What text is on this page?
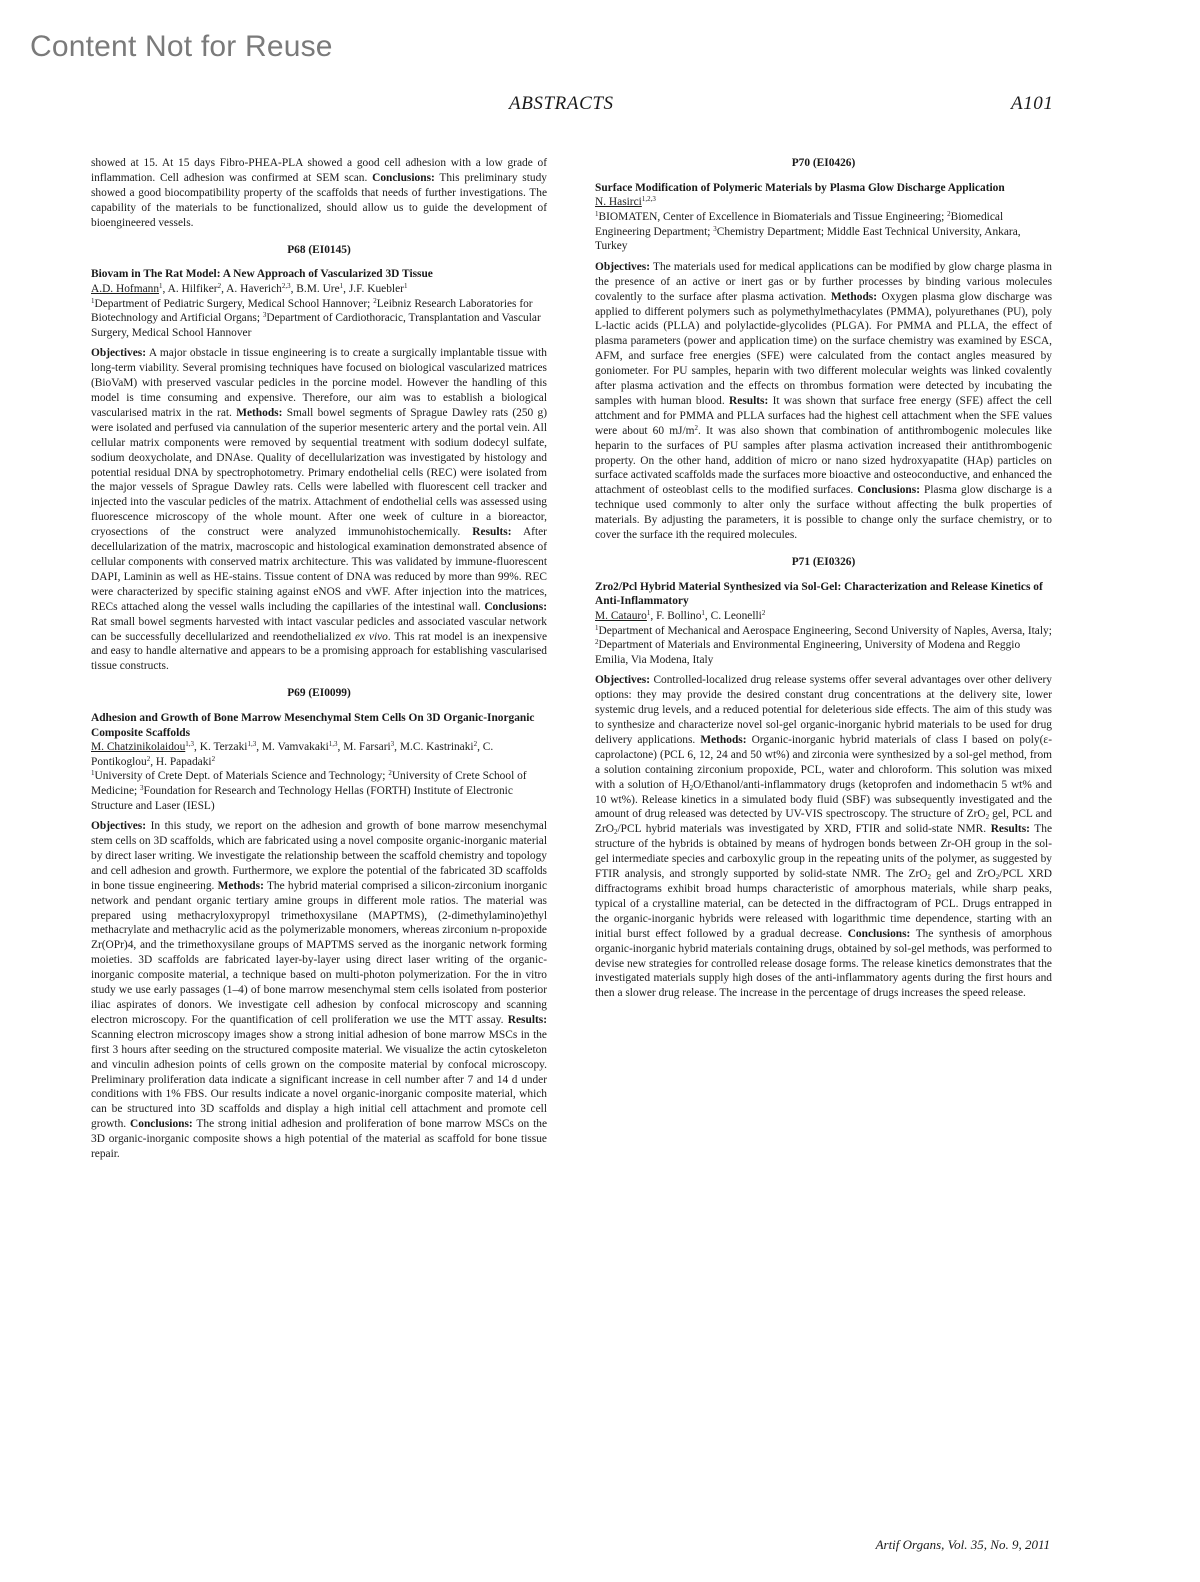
Content Not for Reuse
ABSTRACTS	A101

showed at 15. At 15 days Fibro-PHEA-PLA showed a good cell adhesion with a low grade of inflammation. Cell adhesion was confirmed at SEM scan. Conclusions: This preliminary study showed a good biocompatibility property of the scaffolds that needs of further investigations. The capability of the materials to be functionalized, should allow us to guide the development of bioengineered vessels.

P68 (EI0145)

Biovam in The Rat Model: A New Approach of Vascularized 3D Tissue

A.D. Hofmann$^1$, A. Hilfiker$^2$, A. Haverich$^{2,3}$, B.M. Ure$^1$, J.F. Kuebler$^1$

$^1$Department of Pediatric Surgery, Medical School Hannover; $^2$Leibniz Research Laboratories for Biotechnology and Artificial Organs; $^3$Department of Cardiothoracic, Transplantation and Vascular Surgery, Medical School Hannover

Objectives: A major obstacle in tissue engineering is to create a surgically implantable tissue with long-term viability. Several promising techniques have focused on biological vascularized matrices (BioVaM) with preserved vascular pedicles in the porcine model. However the handling of this model is time consuming and expensive. Therefore, our aim was to establish a biological vascularised matrix in the rat. Methods: Small bowel segments of Sprague Dawley rats (250 g) were isolated and perfused via cannulation of the superior mesenteric artery and the portal vein. All cellular matrix components were removed by sequential treatment with sodium dodecyl sulfate, sodium deoxycholate, and DNAse. Quality of decellularization was investigated by histology and potential residual DNA by spectrophotometry. Primary endothelial cells (REC) were isolated from the major vessels of Sprague Dawley rats. Cells were labelled with fluorescent cell tracker and injected into the vascular pedicles of the matrix. Attachment of endothelial cells was assessed using fluorescence microscopy of the whole mount. After one week of culture in a bioreactor, cryosections of the construct were analyzed immunohistochemically. Results: After decellularization of the matrix, macroscopic and histological examination demonstrated absence of cellular components with conserved matrix architecture. This was validated by immune-fluorescent DAPI, Laminin as well as HE-stains. Tissue content of DNA was reduced by more than 99%. REC were characterized by specific staining against eNOS and vWF. After injection into the matrices, RECs attached along the vessel walls including the capillaries of the intestinal wall. Conclusions: Rat small bowel segments harvested with intact vascular pedicles and associated vascular network can be successfully decellularized and reendothelialized ex vivo. This rat model is an inexpensive and easy to handle alternative and appears to be a promising approach for establishing vascularised tissue constructs.

P69 (EI0099)

Adhesion and Growth of Bone Marrow Mesenchymal Stem Cells On 3D Organic-Inorganic Composite Scaffolds

M. Chatzinikolaidou$^{1,3}$, K. Terzaki$^{1,3}$, M. Vamvakaki$^{1,3}$, M. Farsari$^3$, M.C. Kastrinaki$^2$, C. Pontikoglou$^2$, H. Papadaki$^2$

$^1$University of Crete Dept. of Materials Science and Technology; $^2$University of Crete School of Medicine; $^3$Foundation for Research and Technology Hellas (FORTH) Institute of Electronic Structure and Laser (IESL)

Objectives: In this study, we report on the adhesion and growth of bone marrow mesenchymal stem cells on 3D scaffolds, which are fabricated using a novel composite organic-inorganic material by direct laser writing. We investigate the relationship between the scaffold chemistry and topology and cell adhesion and growth. Furthermore, we explore the potential of the fabricated 3D scaffolds in bone tissue engineering. Methods: The hybrid material comprised a silicon-zirconium inorganic network and pendant organic tertiary amine groups in different mole ratios. The material was prepared using methacryloxypropyl trimethoxysilane (MAPTMS), (2-dimethylamino)ethyl methacrylate and methacrylic acid as the polymerizable monomers, whereas zirconium n-propoxide Zr(OPr)4, and the trimethoxysilane groups of MAPTMS served as the inorganic network forming moieties. 3D scaffolds are fabricated layer-by-layer using direct laser writing of the organic-inorganic composite material, a technique based on multi-photon polymerization. For the in vitro study we use early passages (1–4) of bone marrow mesenchymal stem cells isolated from posterior iliac aspirates of donors. We investigate cell adhesion by confocal microscopy and scanning electron microscopy. For the quantification of cell proliferation we use the MTT assay. Results: Scanning electron microscopy images show a strong initial adhesion of bone marrow MSCs in the first 3 hours after seeding on the structured composite material. We visualize the actin cytoskeleton and vinculin adhesion points of cells grown on the composite material by confocal microscopy. Preliminary proliferation data indicate a significant increase in cell number after 7 and 14 d under conditions with 1% FBS. Our results indicate a novel organic-inorganic composite material, which can be structured into 3D scaffolds and display a high initial cell attachment and promote cell growth. Conclusions: The strong initial adhesion and proliferation of bone marrow MSCs on the 3D organic-inorganic composite shows a high potential of the material as scaffold for bone tissue repair.

P70 (EI0426)

Surface Modification of Polymeric Materials by Plasma Glow Discharge Application

N. Hasirci$^{1,2,3}$

$^1$BIOMATEN, Center of Excellence in Biomaterials and Tissue Engineering; $^2$Biomedical Engineering Department; $^3$Chemistry Department; Middle East Technical University, Ankara, Turkey

Objectives: The materials used for medical applications can be modified by glow charge plasma in the presence of an active or inert gas or by further processes by binding various molecules covalently to the surface after plasma activation. Methods: Oxygen plasma glow discharge was applied to different polymers such as polymethylmethacylates (PMMA), polyurethanes (PU), poly L-lactic acids (PLLA) and polylactide-glycolides (PLGA). For PMMA and PLLA, the effect of plasma parameters (power and application time) on the surface chemistry was examined by ESCA, AFM, and surface free energies (SFE) were calculated from the contact angles measured by goniometer. For PU samples, heparin with two different molecular weights was linked covalently after plasma activation and the effects on thrombus formation were detected by incubating the samples with human blood. Results: It was shown that surface free energy (SFE) affect the cell attchment and for PMMA and PLLA surfaces had the highest cell attachment when the SFE values were about 60 $mJ/m^2$. It was also shown that combination of antithrombogenic molecules like heparin to the surfaces of PU samples after plasma activation increased their antithrombogenic property. On the other hand, addition of micro or nano sized hydroxyapatite (HAp) particles on surface activated scaffolds made the surfaces more bioactive and osteoconductive, and enhanced the attachment of osteoblast cells to the modified surfaces. Conclusions: Plasma glow discharge is a technique used commonly to alter only the surface without affecting the bulk properties of materials. By adjusting the parameters, it is possible to change only the surface chemistry, or to cover the surface ith the required molecules.

P71 (EI0326)

Zro2/Pcl Hybrid Material Synthesized via Sol-Gel: Characterization and Release Kinetics of Anti-Inflammatory

M. Catauro$^1$, F. Bollino$^1$, C. Leonelli$^2$

$^1$Department of Mechanical and Aerospace Engineering, Second University of Naples, Aversa, Italy; $^2$Department of Materials and Environmental Engineering, University of Modena and Reggio Emilia, Via Modena, Italy

Objectives: Controlled-localized drug release systems offer several advantages over other delivery options: they may provide the desired constant drug concentrations at the delivery site, lower systemic drug levels, and a reduced potential for deleterious side effects. The aim of this study was to synthesize and characterize novel sol-gel organic-inorganic hybrid materials to be used for drug delivery applications. Methods: Organic-inorganic hybrid materials of class I based on poly(ε-caprolactone) (PCL 6, 12, 24 and 50 wt%) and zirconia were synthesized by a sol-gel method, from a solution containing zirconium propoxide, PCL, water and chloroform. This solution was mixed with a solution of $H_2O/Ethanol/anti$-inflammatory drugs (ketoprofen and indomethacin 5 wt% and 10 wt%). Release kinetics in a simulated body fluid (SBF) was subsequently investigated and the amount of drug released was detected by UV-VIS spectroscopy. The structure of ZrO$_2$ gel, PCL and ZrO$_2$/PCL hybrid materials was investigated by XRD, FTIR and solid-state NMR. Results: The structure of the hybrids is obtained by means of hydrogen bonds between Zr-OH group in the sol-gel intermediate species and carboxylic group in the repeating units of the polymer, as suggested by FTIR analysis, and strongly supported by solid-state NMR. The ZrO$_2$ gel and ZrO$_2$/PCL XRD diffractograms exhibit broad humps characteristic of amorphous materials, while sharp peaks, typical of a crystalline material, can be detected in the diffractogram of PCL. Drugs entrapped in the organic-inorganic hybrids were released with logarithmic time dependence, starting with an initial burst effect followed by a gradual decrease. Conclusions: The synthesis of amorphous organic-inorganic hybrid materials containing drugs, obtained by sol-gel methods, was performed to devise new strategies for controlled release dosage forms. The release kinetics demonstrates that the investigated materials supply high doses of the anti-inflammatory agents during the first hours and then a slower drug release. The increase in the percentage of drugs increases the speed release.

Artif Organs, Vol. 35, No. 9, 2011
